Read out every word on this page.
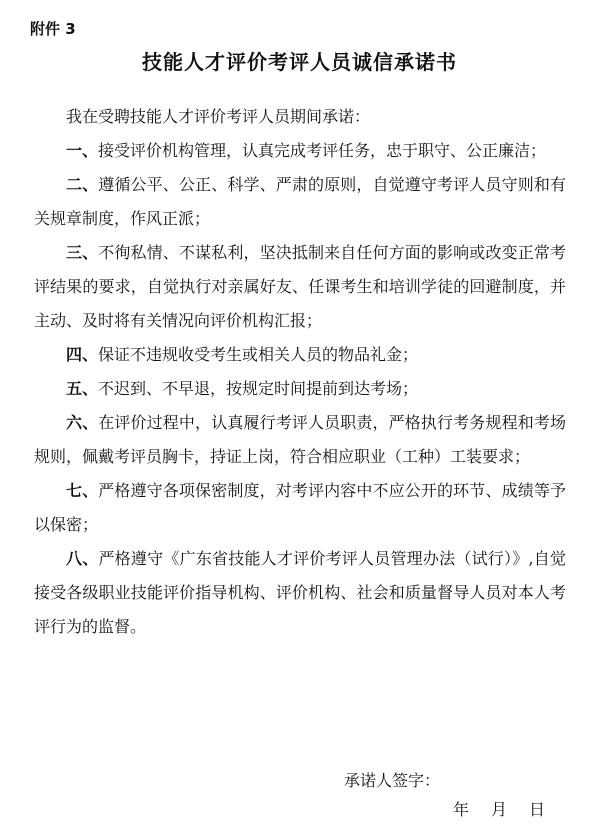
附件 3
技能人才评价考评人员诚信承诺书

我在受聘技能人才评价考评人员期间承诺：

一、接受评价机构管理，认真完成考评任务，忠于职守、公正廉洁；

二、遵循公平、公正、科学、严肃的原则，自觉遵守考评人员守则和有关规章制度，作风正派；

三、不徇私情、不谋私利，坚决抵制来自任何方面的影响或改变正常考评结果的要求，自觉执行对亲属好友、任课考生和培训学徒的回避制度，并主动、及时将有关情况向评价机构汇报；

四、保证不违规收受考生或相关人员的物品礼金；

五、不迟到、不早退，按规定时间提前到达考场；

六、在评价过程中，认真履行考评人员职责，严格执行考务规程和考场规则，佩戴考评员胸卡，持证上岗，符合相应职业（工种）工装要求；

七、严格遵守各项保密制度，对考评内容中不应公开的环节、成绩等予以保密；

八、严格遵守《广东省技能人才评价考评人员管理办法（试行）》,自觉接受各级职业技能评价指导机构、评价机构、社会和质量督导人员对本人考评行为的监督。

承诺人签字：
年 月 日
